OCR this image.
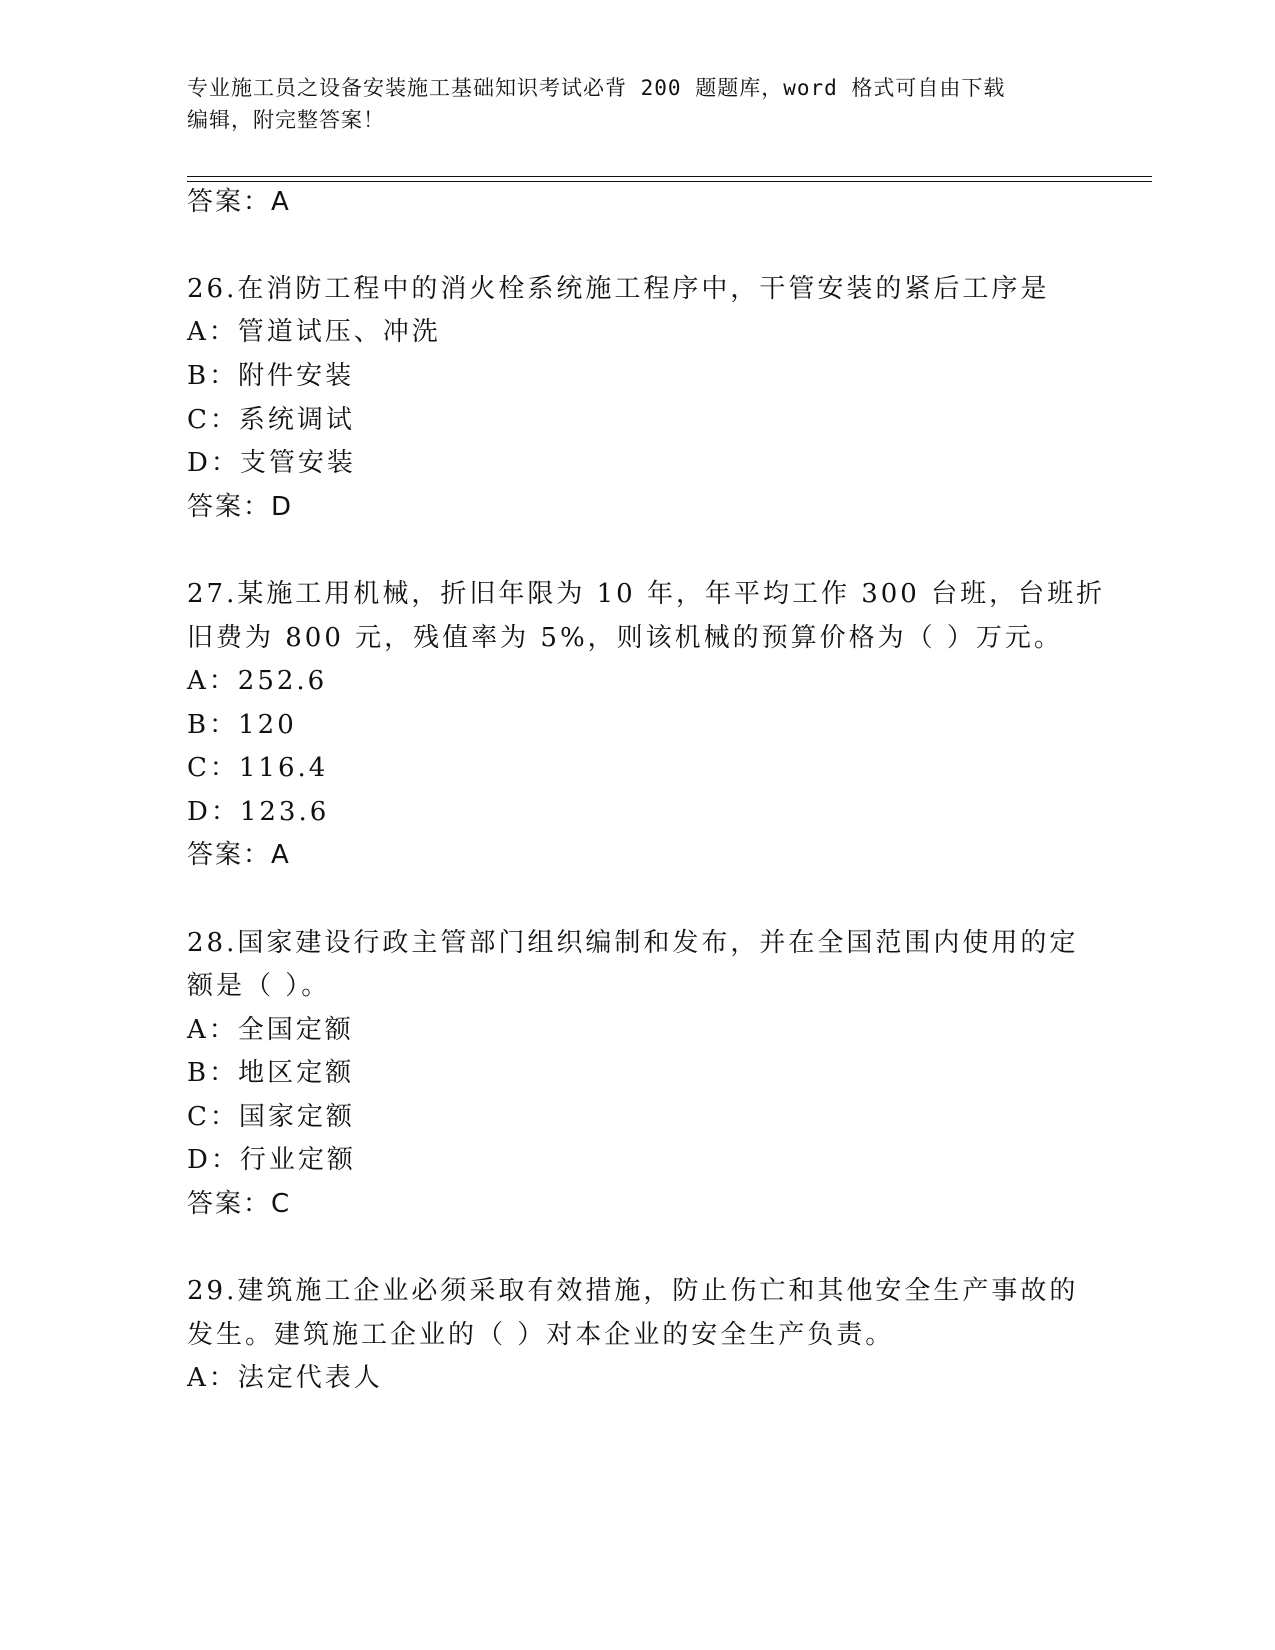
专业施工员之设备安装施工基础知识考试必背 200 题题库，word 格式可自由下载
编辑，附完整答案！
答案：A
26.在消防工程中的消火栓系统施工程序中，干管安装的紧后工序是
A：管道试压、冲洗
B：附件安装
C：系统调试
D：支管安装
答案：D
27.某施工用机械，折旧年限为 10 年，年平均工作 300 台班，台班折
旧费为 800 元，残值率为 5%，则该机械的预算价格为（ ）万元。
A：252.6
B：120
C：116.4
D：123.6
答案：A
28.国家建设行政主管部门组织编制和发布，并在全国范围内使用的定
额是（ ）。
A：全国定额
B：地区定额
C：国家定额
D：行业定额
答案：C
29.建筑施工企业必须采取有效措施，防止伤亡和其他安全生产事故的
发生。建筑施工企业的（ ）对本企业的安全生产负责。
A：法定代表人
